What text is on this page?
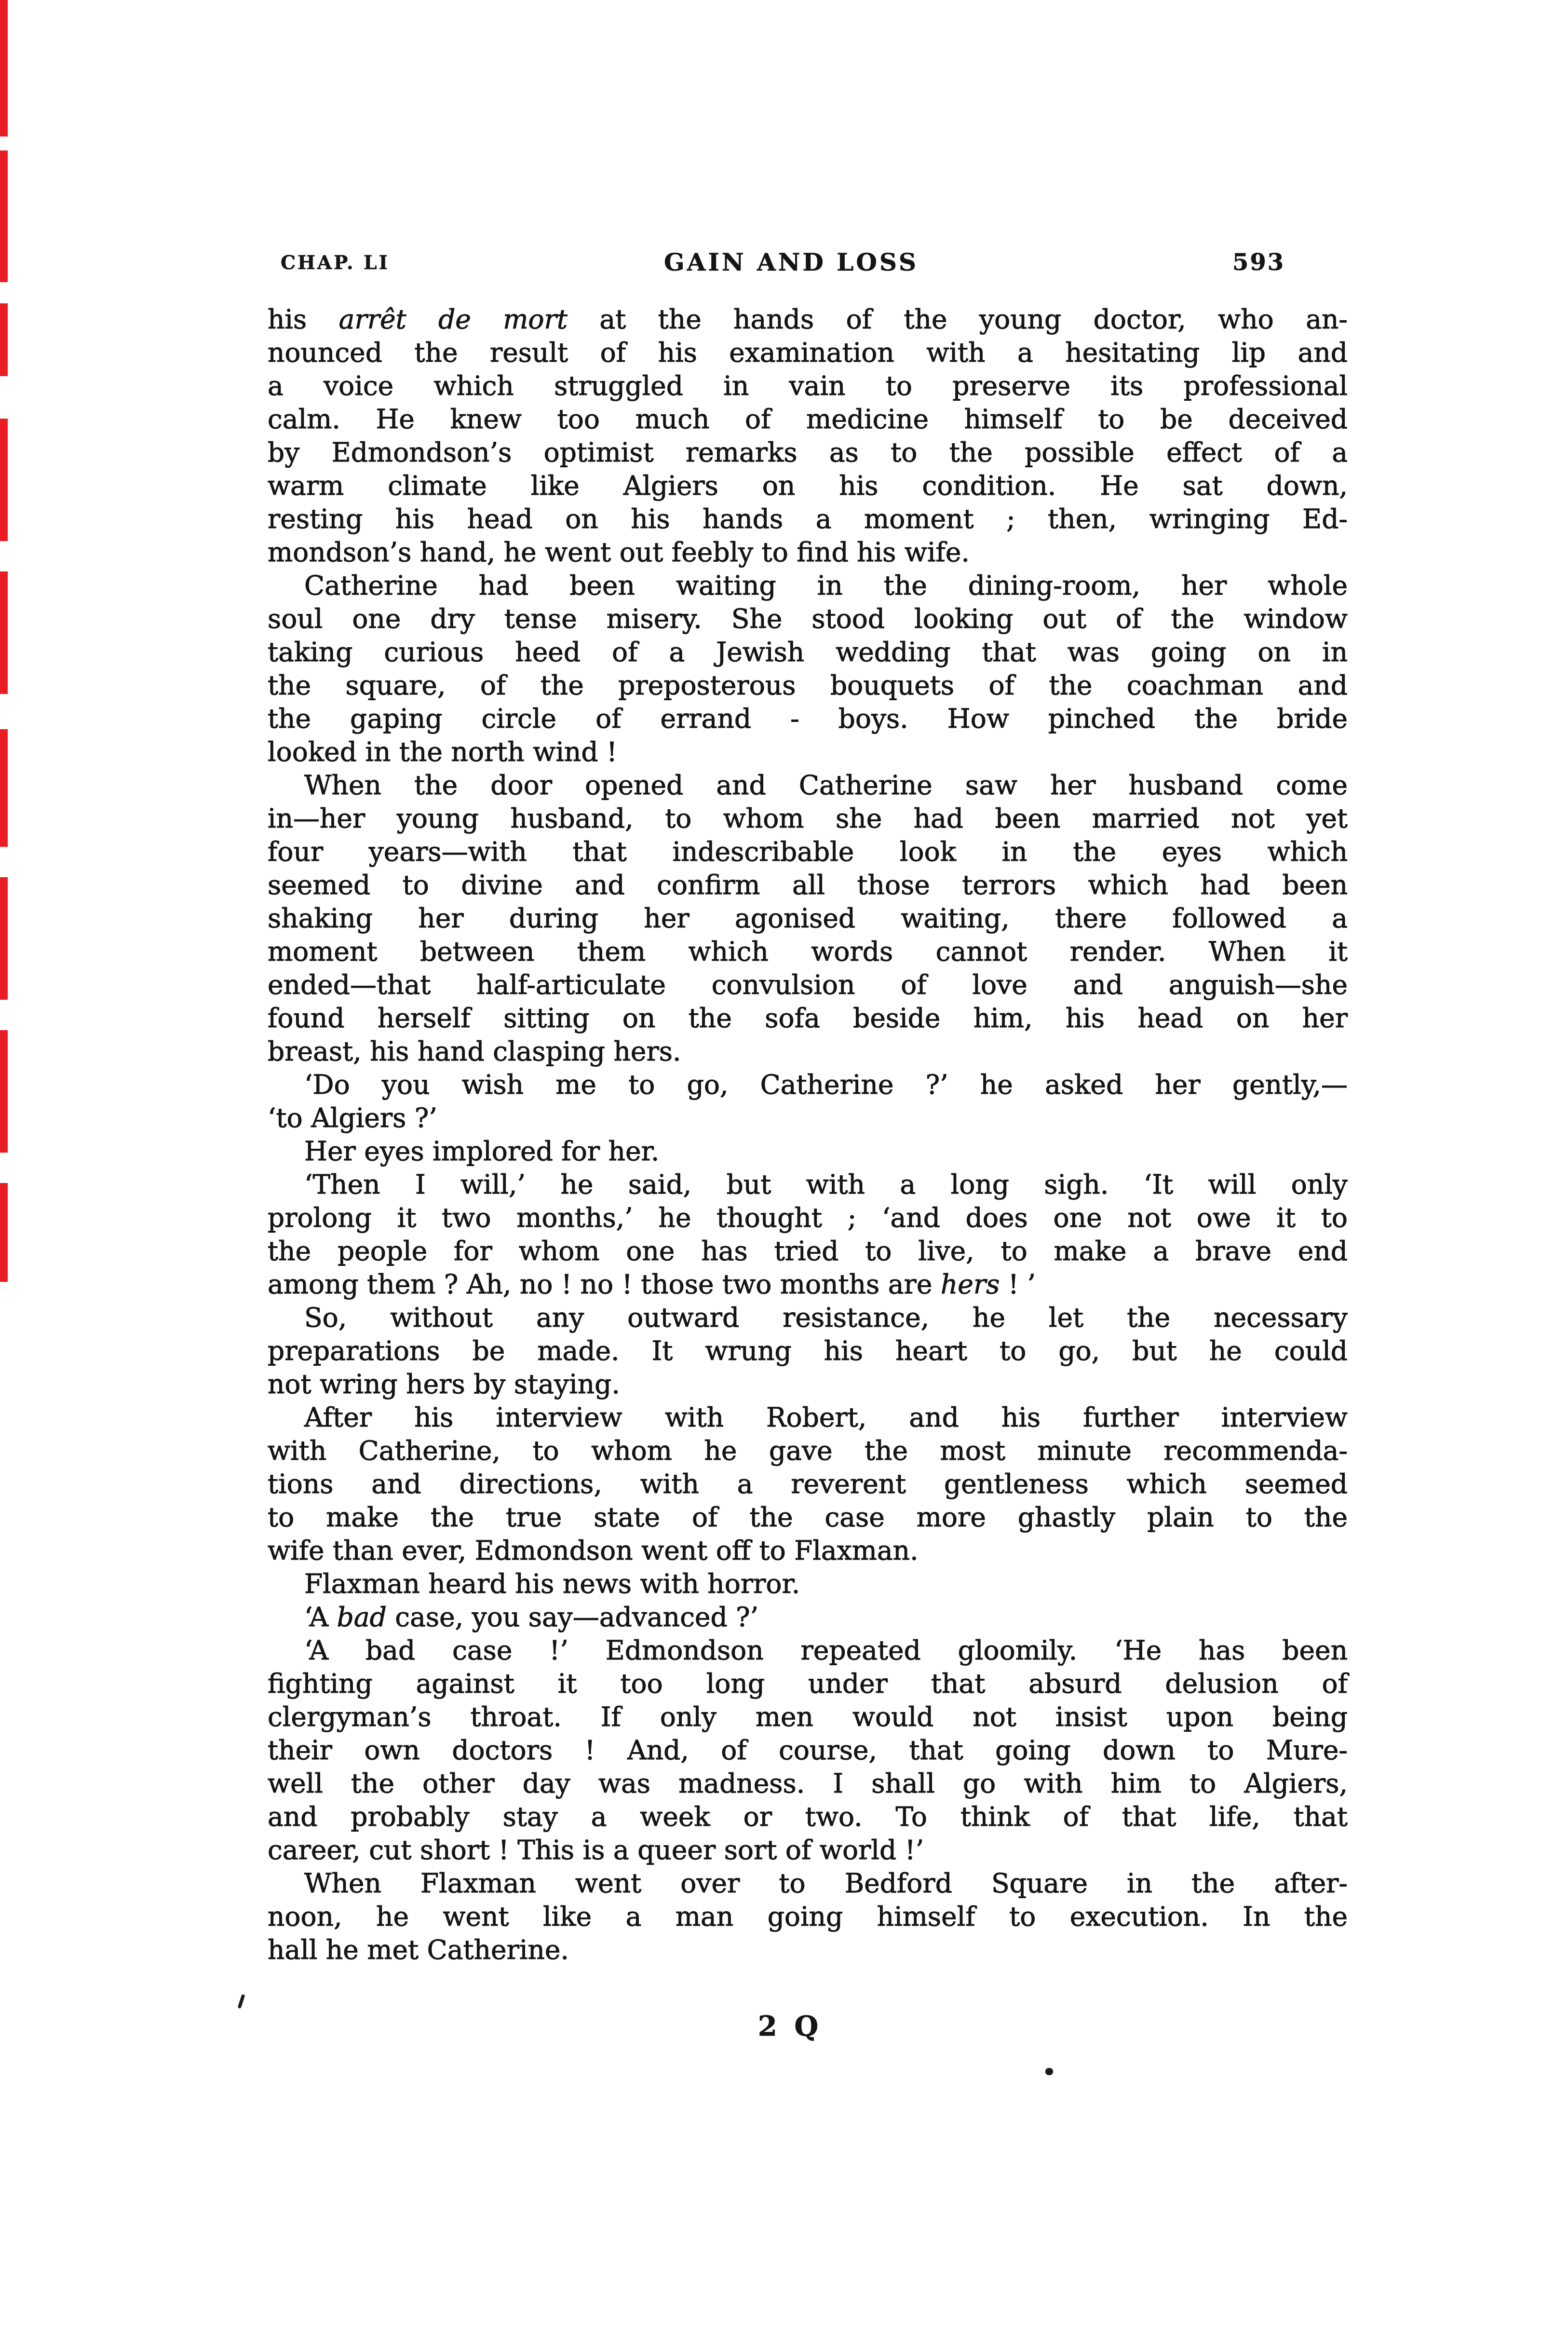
CHAP. LI	GAIN AND LOSS	593
his arrêt de mort at the hands of the young doctor, who an-
nounced the result of his examination with a hesitating lip and
a voice which struggled in vain to preserve its professional
calm. He knew too much of medicine himself to be deceived
by Edmondson’s optimist remarks as to the possible effect of a
warm climate like Algiers on his condition. He sat down,
resting his head on his hands a moment ; then, wringing Ed-
mondson’s hand, he went out feebly to find his wife.
Catherine had been waiting in the dining-room, her whole
soul one dry tense misery. She stood looking out of the window
taking curious heed of a Jewish wedding that was going on in
the square, of the preposterous bouquets of the coachman and
the gaping circle of errand - boys. How pinched the bride
looked in the north wind !
When the door opened and Catherine saw her husband come
in—her young husband, to whom she had been married not yet
four years—with that indescribable look in the eyes which
seemed to divine and confirm all those terrors which had been
shaking her during her agonised waiting, there followed a
moment between them which words cannot render. When it
ended—that half-articulate convulsion of love and anguish—she
found herself sitting on the sofa beside him, his head on her
breast, his hand clasping hers.
‘Do you wish me to go, Catherine ?’ he asked her gently,—
‘to Algiers ?’
Her eyes implored for her.
‘Then I will,’ he said, but with a long sigh. ‘It will only
prolong it two months,’ he thought ; ‘and does one not owe it to
the people for whom one has tried to live, to make a brave end
among them ? Ah, no ! no ! those two months are hers ! ’
So, without any outward resistance, he let the necessary
preparations be made. It wrung his heart to go, but he could
not wring hers by staying.
After his interview with Robert, and his further interview
with Catherine, to whom he gave the most minute recommenda-
tions and directions, with a reverent gentleness which seemed
to make the true state of the case more ghastly plain to the
wife than ever, Edmondson went off to Flaxman.
Flaxman heard his news with horror.
‘A bad case, you say—advanced ?’
‘A bad case !’ Edmondson repeated gloomily. ‘He has been
fighting against it too long under that absurd delusion of
clergyman’s throat. If only men would not insist upon being
their own doctors ! And, of course, that going down to Mure-
well the other day was madness. I shall go with him to Algiers,
and probably stay a week or two. To think of that life, that
career, cut short ! This is a queer sort of world !’
When Flaxman went over to Bedford Square in the after-
noon, he went like a man going himself to execution. In the
hall he met Catherine.
2 Q
